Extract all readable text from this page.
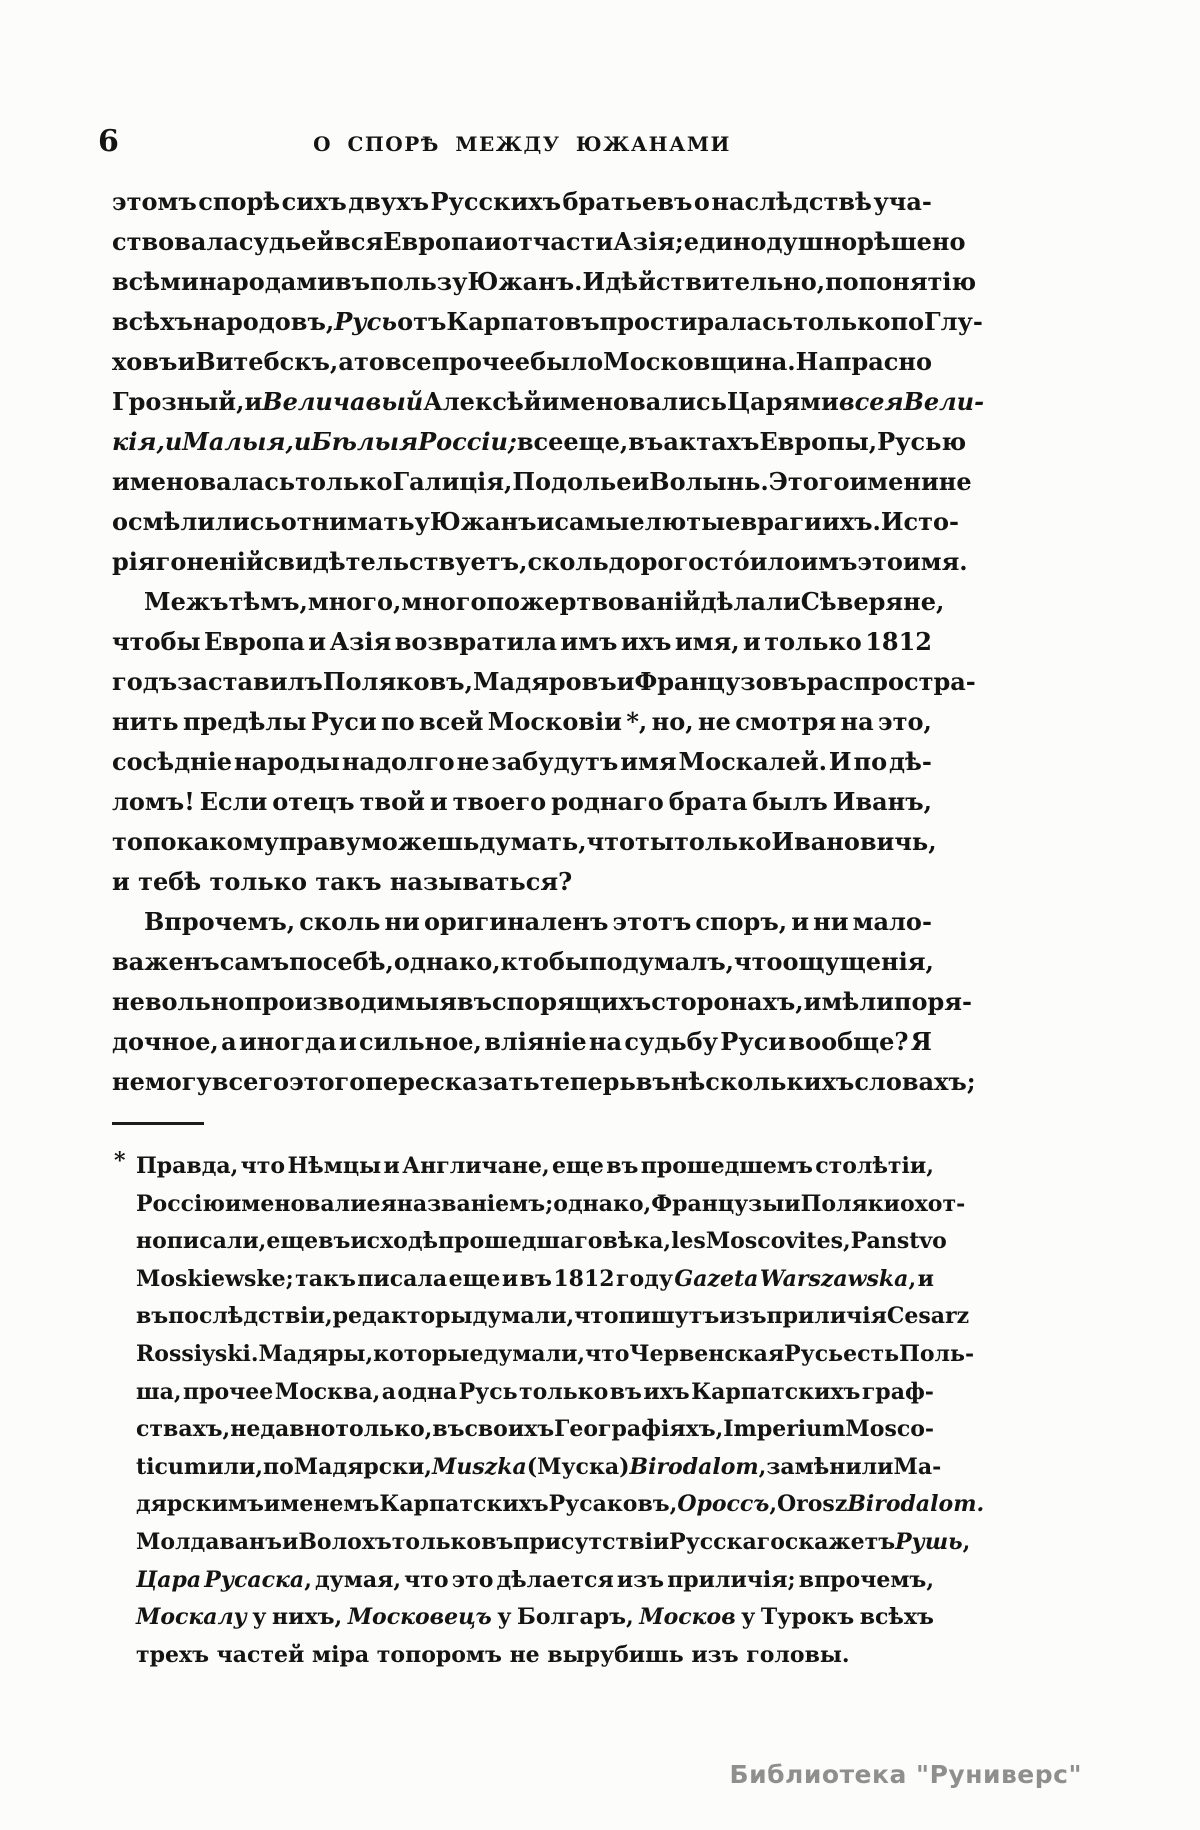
6	О СПОРѢ МЕЖДУ ЮЖАНАМИ
этомъ спорѣ сихъ двухъ Русскихъ братьевъ о наслѣдствѣ уча-
ствовала судьей вся Европа и отчасти Азія; единодушно рѣшено
всѣми народами въ пользу Южанъ. И дѣйствительно, по понятію
всѣхъ народовъ, Русь отъ Карпатовъ простиралась только по Глу-
ховъ и Витебскъ, а то все прочее было Московщина. Напрасно
Грозный, и Величавый Алексѣй именовались Царями всея Вели-
кія, и Малыя, и Бѣлыя Россіи; все еще, въ актахъ Европы, Русью
именовалась только Галиція, Подолье и Волынь. Этого имени не
осмѣлились отнимать у Южанъ и самые лютые враги ихъ. Исто-
рія гоненій свидѣтельствуетъ, сколь дорого стóило имъ это имя.
Межъ тѣмъ, много, много пожертвованій дѣлали Сѣверяне,
чтобы Европа и Азія возвратила имъ ихъ имя, и только 1812
годъ заставилъ Поляковъ, Мадяровъ и Французовъ распростра-
нить предѣлы Руси по всей Московіи *, но, не смотря на это,
сосѣдніе народы надолго не забудутъ имя Москалей. И по дѣ-
ломъ! Если отецъ твой и твоего роднаго брата былъ Иванъ,
то по какому праву можешь думать, что ты только Ивановичь,
и тебѣ только такъ называться?
Впрочемъ, сколь ни оригиналенъ этотъ споръ, и ни мало-
важенъ самъ по себѣ, однако, кто бы подумалъ, что ощущенія,
невольно производимыя въ спорящихъ сторонахъ, имѣли поря-
дочное, а иногда и сильное, вліяніе на судьбу Руси вообще? Я
не могу всего этого пересказать теперь въ нѣсколькихъ словахъ;
* Правда, что Нѣмцы и Англичане, еще въ прошедшемъ столѣтіи,
Россію именовали ея названіемъ; однако, Французы и Поляки охот-
но писали, еще въ исходѣ прошедшаго вѣка, les Moscovites, Panstvo
Moskiewske; такъ писала еще и въ 1812 году Gazeta Warszawska, и
въ послѣдствіи, редакторы думали, что пишутъ изъ приличія Cesarz
Rossiyski. Мадяры, которые думали, что Червенская Русь есть Поль-
ша, прочее Москва, а одна Русь только въ ихъ Карпатскихъ граф-
ствахъ, недавно только, въ своихъ Географіяхъ, Imperium Mosco-
ticum или, по Мадярски, Muszka (Муска) Birodalom, замѣнили Ма-
дярскимъ именемъ Карпатскихъ Русаковъ, Ороссъ, Orosz Birodalom.
Молдаванъ и Волохъ только въ присутствіи Русскаго скажетъ Рушь,
Цара Русаска, думая, что это дѣлается изъ приличія; впрочемъ,
Москалу у нихъ, Московецъ у Болгаръ, Москов у Турокъ всѣхъ
трехъ частей міра топоромъ не вырубишь изъ головы.
Библиотека "Руниверс"
